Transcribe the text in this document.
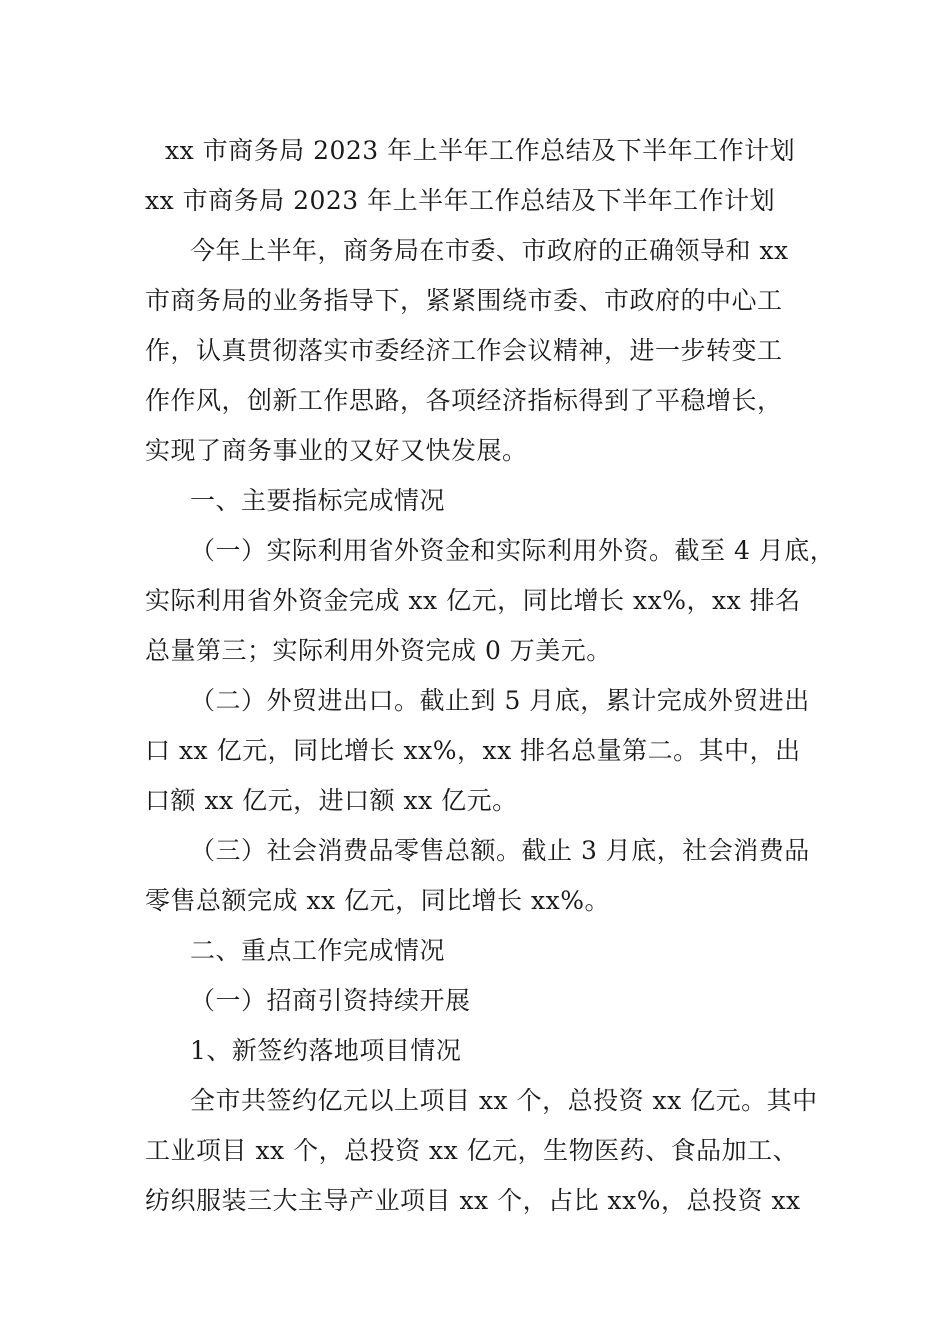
xx 市商务局 2023 年上半年工作总结及下半年工作计划
xx 市商务局 2023 年上半年工作总结及下半年工作计划
今年上半年，商务局在市委、市政府的正确领导和 xx
市商务局的业务指导下，紧紧围绕市委、市政府的中心工
作，认真贯彻落实市委经济工作会议精神，进一步转变工
作作风，创新工作思路，各项经济指标得到了平稳增长，
实现了商务事业的又好又快发展。
一、主要指标完成情况
（一）实际利用省外资金和实际利用外资。截至 4 月底，
实际利用省外资金完成 xx 亿元，同比增长 xx%，xx 排名
总量第三；实际利用外资完成 0 万美元。
（二）外贸进出口。截止到 5 月底，累计完成外贸进出
口 xx 亿元，同比增长 xx%，xx 排名总量第二。其中，出
口额 xx 亿元，进口额 xx 亿元。
（三）社会消费品零售总额。截止 3 月底，社会消费品
零售总额完成 xx 亿元，同比增长 xx%。
二、重点工作完成情况
（一）招商引资持续开展
1、新签约落地项目情况
全市共签约亿元以上项目 xx 个，总投资 xx 亿元。其中
工业项目 xx 个，总投资 xx 亿元，生物医药、食品加工、
纺织服装三大主导产业项目 xx 个，占比 xx%，总投资 xx
